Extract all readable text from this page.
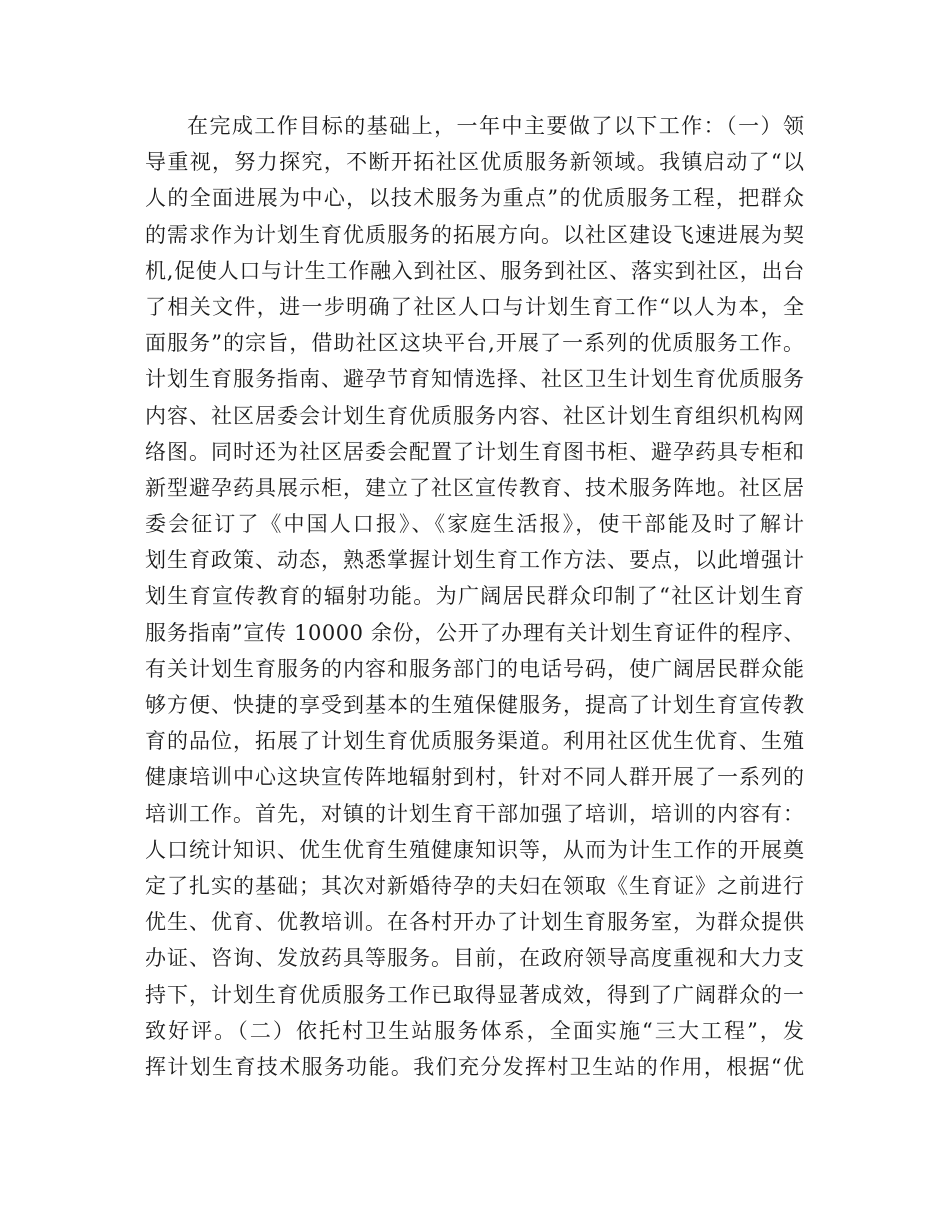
在完成工作目标的基础上，一年中主要做了以下工作：（一）领
导重视，努力探究，不断开拓社区优质服务新领域。我镇启动了“以
人的全面进展为中心，以技术服务为重点”的优质服务工程，把群众
的需求作为计划生育优质服务的拓展方向。以社区建设飞速进展为契
机,促使人口与计生工作融入到社区、服务到社区、落实到社区，出台
了相关文件，进一步明确了社区人口与计划生育工作“以人为本，全
面服务”的宗旨，借助社区这块平台,开展了一系列的优质服务工作。
计划生育服务指南、避孕节育知情选择、社区卫生计划生育优质服务
内容、社区居委会计划生育优质服务内容、社区计划生育组织机构网
络图。同时还为社区居委会配置了计划生育图书柜、避孕药具专柜和
新型避孕药具展示柜，建立了社区宣传教育、技术服务阵地。社区居
委会征订了《中国人口报》、《家庭生活报》，使干部能及时了解计
划生育政策、动态，熟悉掌握计划生育工作方法、要点，以此增强计
划生育宣传教育的辐射功能。为广阔居民群众印制了“社区计划生育
服务指南”宣传 10000 余份，公开了办理有关计划生育证件的程序、
有关计划生育服务的内容和服务部门的电话号码，使广阔居民群众能
够方便、快捷的享受到基本的生殖保健服务，提高了计划生育宣传教
育的品位，拓展了计划生育优质服务渠道。利用社区优生优育、生殖
健康培训中心这块宣传阵地辐射到村，针对不同人群开展了一系列的
培训工作。首先，对镇的计划生育干部加强了培训，培训的内容有：
人口统计知识、优生优育生殖健康知识等，从而为计生工作的开展奠
定了扎实的基础；其次对新婚待孕的夫妇在领取《生育证》之前进行
优生、优育、优教培训。在各村开办了计划生育服务室，为群众提供
办证、咨询、发放药具等服务。目前，在政府领导高度重视和大力支
持下，计划生育优质服务工作已取得显著成效，得到了广阔群众的一
致好评。（二）依托村卫生站服务体系，全面实施“三大工程”，发
挥计划生育技术服务功能。我们充分发挥村卫生站的作用，根据“优
